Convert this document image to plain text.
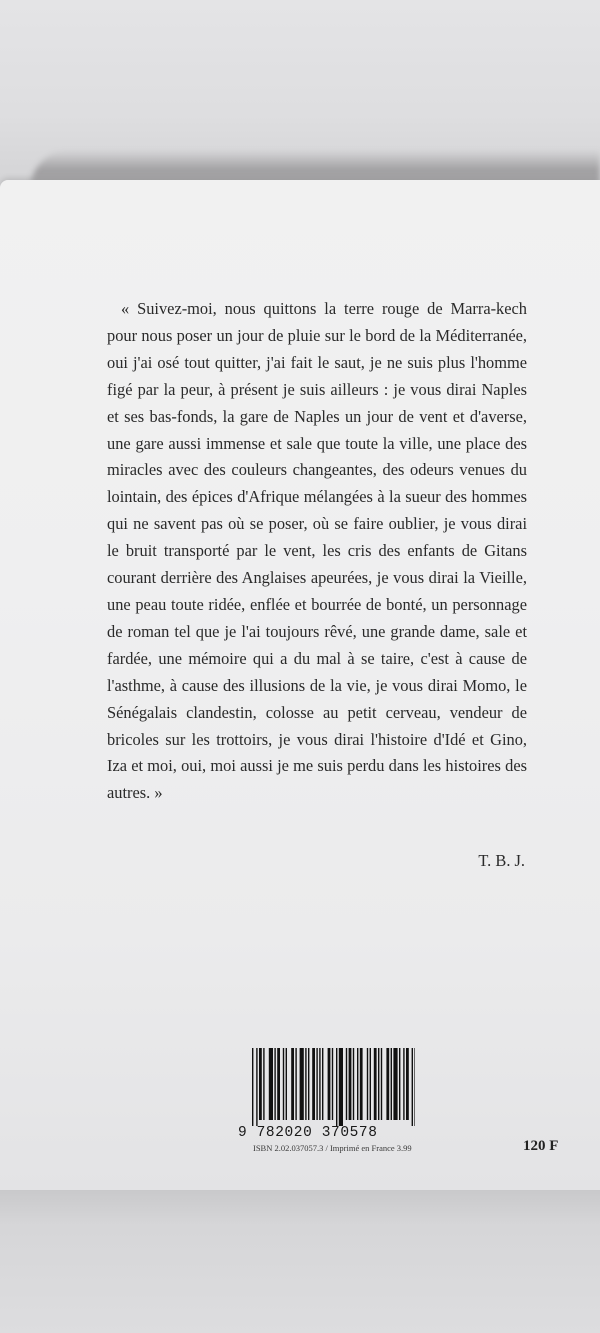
« Suivez-moi, nous quittons la terre rouge de Marra-​kech pour nous poser un jour de pluie sur le bord de la Méditerranée, oui j'ai osé tout quitter, j'ai fait le saut, je ne suis plus l'homme figé par la peur, à présent je suis ailleurs : je vous dirai Naples et ses bas-fonds, la gare de Naples un jour de vent et d'averse, une gare aussi immense et sale que toute la ville, une place des miracles avec des couleurs changeantes, des odeurs venues du lointain, des épices d'Afrique mélangées à la sueur des hommes qui ne savent pas où se poser, où se faire oublier, je vous dirai le bruit transporté par le vent, les cris des enfants de Gitans courant derrière des Anglaises apeurées, je vous dirai la Vieille, une peau toute ridée, enflée et bourrée de bonté, un personnage de roman tel que je l'ai toujours rêvé, une grande dame, sale et fardée, une mémoire qui a du mal à se taire, c'est à cause de l'asthme, à cause des illusions de la vie, je vous dirai Momo, le Sénégalais clandestin, colosse au petit cerveau, vendeur de bricoles sur les trottoirs, je vous dirai l'histoire d'Idé et Gino, Iza et moi, oui, moi aussi je me suis perdu dans les histoires des autres. »

T. B. J.

9 782020 370578
ISBN 2.02.037057.3 / Imprimé en France 3.99	120 F
